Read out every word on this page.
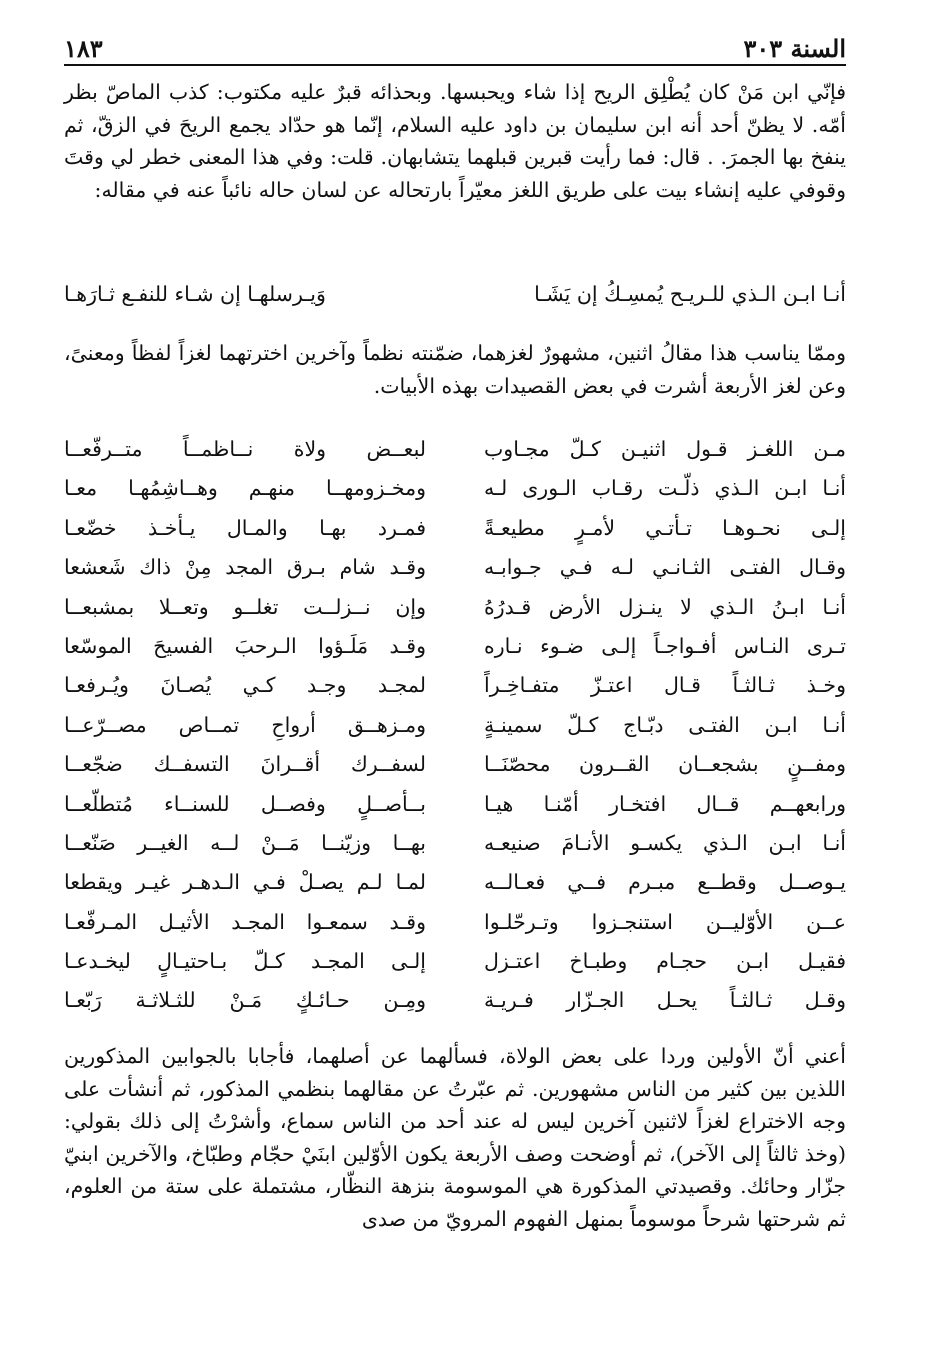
السنة ٣٠٣
١٨٣

فإنّي ابن مَنْ كان يُطْلِق الريح إذا شاء ويحبسها. وبحذائه قبرٌ عليه مكتوب: كذب الماصّ بظر أمّه. لا يظنّ أحد أنه ابن سليمان بن داود عليه السلام، إنّما هو حدّاد يجمع الريحَ في الزقّ، ثم ينفخ بها الجمرَ. . قال: فما رأيت قبرين قبلهما يتشابهان. قلت: وفي هذا المعنى خطر لي وقتَ وقوفي عليه إنشاء بيت على طريق اللغز معيّراً بارتحاله عن لسان حاله نائباً عنه في مقاله:

أنـا ابـن الـذي للـريـح يُمسِـكُ إن يَشَـا
وَيـرسلهـا إن شـاء للنفـع ثـارَهـا

وممّا يناسب هذا مقالُ اثنين، مشهورٌ لغزهما، ضمّنته نظماً وآخرين اخترتهما لغزاً لفظاً ومعنىً، وعن لغز الأربعة أشرت في بعض القصيدات بهذه الأبيات.

مـن اللغـز قـول اثنيـن كـلّ مجـاوب
أنـا ابـن الـذي ذلّـت رقـاب الـورى لـه
إلـى نحـوهـا تـأتـي لأمـرٍ مطيعـةً
وقـال الفتـى الثـانـي لـه فـي جـوابـه
أنـا ابـنُ الـذي لا ينـزل الأرض قـدرُهُ
تـرى النـاس أفـواجـاً إلـى ضـوء نـاره
وخـذ ثـالثـاً قـال اعتـزّ متفـاخِـراً
أنـا ابـن الفتـى دبّـاج كـلّ سمينـةٍ
ومفــنٍ بشجعــان القــرون محصّنَــا
ورابعهــم قــال افتخـار أمّنـا هيـا
أنـا ابـن الـذي يكسـو الأنـامَ صنيعـه
يـوصــل وقطــع مبـرم فــي فعـالــه
عــن الأوّليــن استنجـزوا وتـرحّلـوا
فقيـل ابـن حجـام وطبـاخ اعتـزل
وقـل ثـالثـاً يحـل الجـزّار فـريـة
لبعــض ولاة نــاظمــاً متــرفّعــا
ومخـزومهــا منهـم وهــاشِمُهـا معـا
فمـرد بهـا والمـال يـأخـذ خضّعـا
وقـد شام بـرق المجد مِنْ ذاك شَعشعا
وإن نــزلــت تغلــو وتعــلا بمشبعــا
وقـد مَلَـؤوا الـرحبَ الفسيحَ الموسّعا
لمجـد وجـد كـي يُصـانَ ويُـرفعـا
ومـزهــق أرواحِ تمــاص مصــرّعــا
لسفــرك أقــرانَ التسفــك ضجّعــا
بــأصــلٍ وفصــل للسنــاء مُتطلّعــا
بهــا وزيّنــا مَــنْ لــه الغيــر صَنّعــا
لمـا لـم يصـلْ فـي الـدهـر غيـر ويقطعا
وقـد سمعـوا المجـد الأثيـل المـرفّعـا
إلـى المجـد كـلّ بـاحتيـالٍ ليخـدعـا
ومِـن حـائـكٍ مَـنْ للثـلاثـة رَبّعـا

أعني أنّ الأولين وردا على بعض الولاة، فسألهما عن أصلهما، فأجابا بالجوابين المذكورين اللذين بين كثير من الناس مشهورين. ثم عبّرتُ عن مقالهما بنظمي المذكور، ثم أنشأت على وجه الاختراع لغزاً لاثنين آخرين ليس له عند أحد من الناس سماع، وأشرْتُ إلى ذلك بقولي: (وخذ ثالثاً إلى الآخر)، ثم أوضحت وصف الأربعة يكون الأوّلين ابنَيْ حجّام وطبّاخ، والآخرين ابنيّ جزّار وحائك. وقصيدتي المذكورة هي الموسومة بنزهة النظّار، مشتملة على ستة من العلوم، ثم شرحتها شرحاً موسوماً بمنهل الفهوم المرويّ من صدى
